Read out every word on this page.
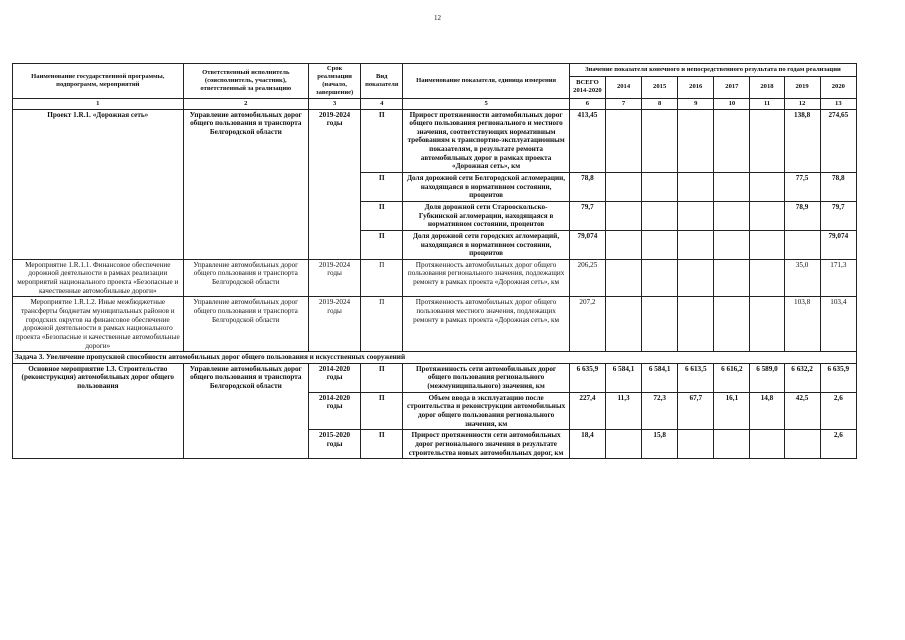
12
Наименование государственной программы, подпрограмм, мероприятий	Ответственный исполнитель (соисполнитель, участник), ответственный за реализацию	Срок реализации (начало, завершение)	Вид показателя	Наименование показателя, единица измерения	Значение показателя конечного и непосредственного результата по годам реализации							
					ВСЕГО 2014-2020	2014	2015	2016	2017	2018	2019	2020
1	2	3	4	5	6	7	8	9	10	11	12	13
Проект 1.R.1. «Дорожная сеть»	Управление автомобильных дорог общего пользования и транспорта Белгородской области	2019-2024 годы	П	Прирост протяженности автомобильных дорог общего пользования регионального и местного значения, соответствующих нормативным требованиям к транспортно-эксплуатационным показателям, в результате ремонта автомобильных дорог в рамках проекта «Дорожная сеть», км	413,45						138,8	274,65
			П	Доля дорожной сети Белгородской агломерации, находящаяся в нормативном состоянии, процентов	78,8						77,5	78,8
			П	Доля дорожной сети Старооскольско-Губкинской агломерации, находящаяся в нормативном состоянии, процентов	79,7						78,9	79,7
			П	Доля дорожной сети городских агломераций, находящаяся в нормативном состоянии, процентов	79,074							79,074
Мероприятие 1.R.1.1. Финансовое обеспечение дорожной деятельности в рамках реализации мероприятий национального проекта «Безопасные и качественные автомобильные дороги»	Управление автомобильных дорог общего пользования и транспорта Белгородской области	2019-2024 годы	П	Протяженность автомобильных дорог общего пользования регионального значения, подлежащих ремонту в рамках проекта «Дорожная сеть», км	206,25						35,0	171,3
Мероприятие 1.R.1.2. Иные межбюджетные трансферты бюджетам муниципальных районов и городских округов на финансовое обеспечение дорожной деятельности в рамках национального проекта «Безопасные и качественные автомобильные дороги»	Управление автомобильных дорог общего пользования и транспорта Белгородской области	2019-2024 годы	П	Протяженность автомобильных дорог общего пользования местного значения, подлежащих ремонту в рамках проекта «Дорожная сеть», км	207,2						103,8	103,4
Задача 3. Увеличение пропускной способности автомобильных дорог общего пользования и искусственных сооружений												
Основное мероприятие 1.3. Строительство (реконструкция) автомобильных дорог общего пользования	Управление автомобильных дорог общего пользования и транспорта Белгородской области	2014-2020 годы	П	Протяженность сети автомобильных дорог общего пользования регионального (межмуниципального) значения, км	6 635,9	6 584,1	6 584,1	6 613,5	6 616,2	6 589,0	6 632,2	6 635,9
		2014-2020 годы	П	Объем ввода в эксплуатацию после строительства и реконструкции автомобильных дорог общего пользования регионального значения, км	227,4	11,3	72,3	67,7	16,1	14,8	42,5	2,6
		2015-2020 годы	П	Прирост протяженности сети автомобильных дорог регионального значения в результате строительства новых автомобильных дорог, км	18,4		15,8					2,6
